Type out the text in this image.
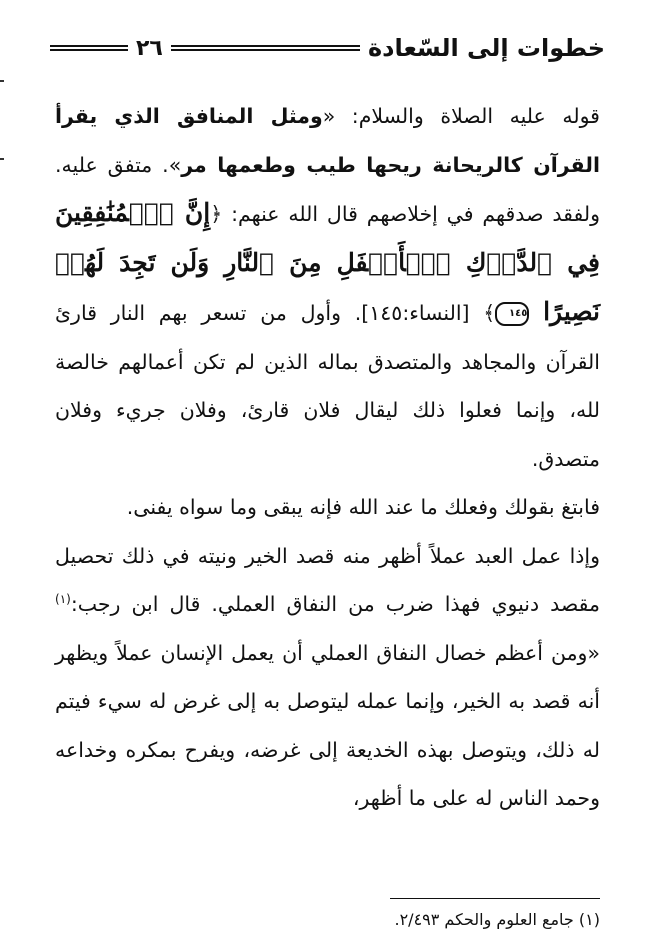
خطوات إلى السّعادة
٢٦

قوله عليه الصلاة والسلام: «ومثل المنافق الذي يقرأ القرآن كالريحانة ريحها طيب وطعمها مر». متفق عليه. ولفقد صدقهم في إخلاصهم قال الله عنهم: ﴿إِنَّ ٱلۡمُنَٰفِقِينَ فِي ٱلدَّرۡكِ ٱلۡأَسۡفَلِ مِنَ ٱلنَّارِ وَلَن تَجِدَ لَهُمۡ نَصِيرًا ١٤٥﴾ [النساء:١٤٥]. وأول من تسعر بهم النار قارئ القرآن والمجاهد والمتصدق بماله الذين لم تكن أعمالهم خالصة لله، وإنما فعلوا ذلك ليقال فلان قارئ، وفلان جريء وفلان متصدق.

فابتغ بقولك وفعلك ما عند الله فإنه يبقى وما سواه يفنى.

وإذا عمل العبد عملاً أظهر منه قصد الخير ونيته في ذلك تحصيل مقصد دنيوي فهذا ضرب من النفاق العملي. قال ابن رجب:$^{(١)}$ «ومن أعظم خصال النفاق العملي أن يعمل الإنسان عملاً ويظهر أنه قصد به الخير، وإنما عمله ليتوصل به إلى غرض له سيء فيتم له ذلك، ويتوصل بهذه الخديعة إلى غرضه، ويفرح بمكره وخداعه وحمد الناس له على ما أظهر،

(١) جامع العلوم والحكم ٢/٤٩٣.
